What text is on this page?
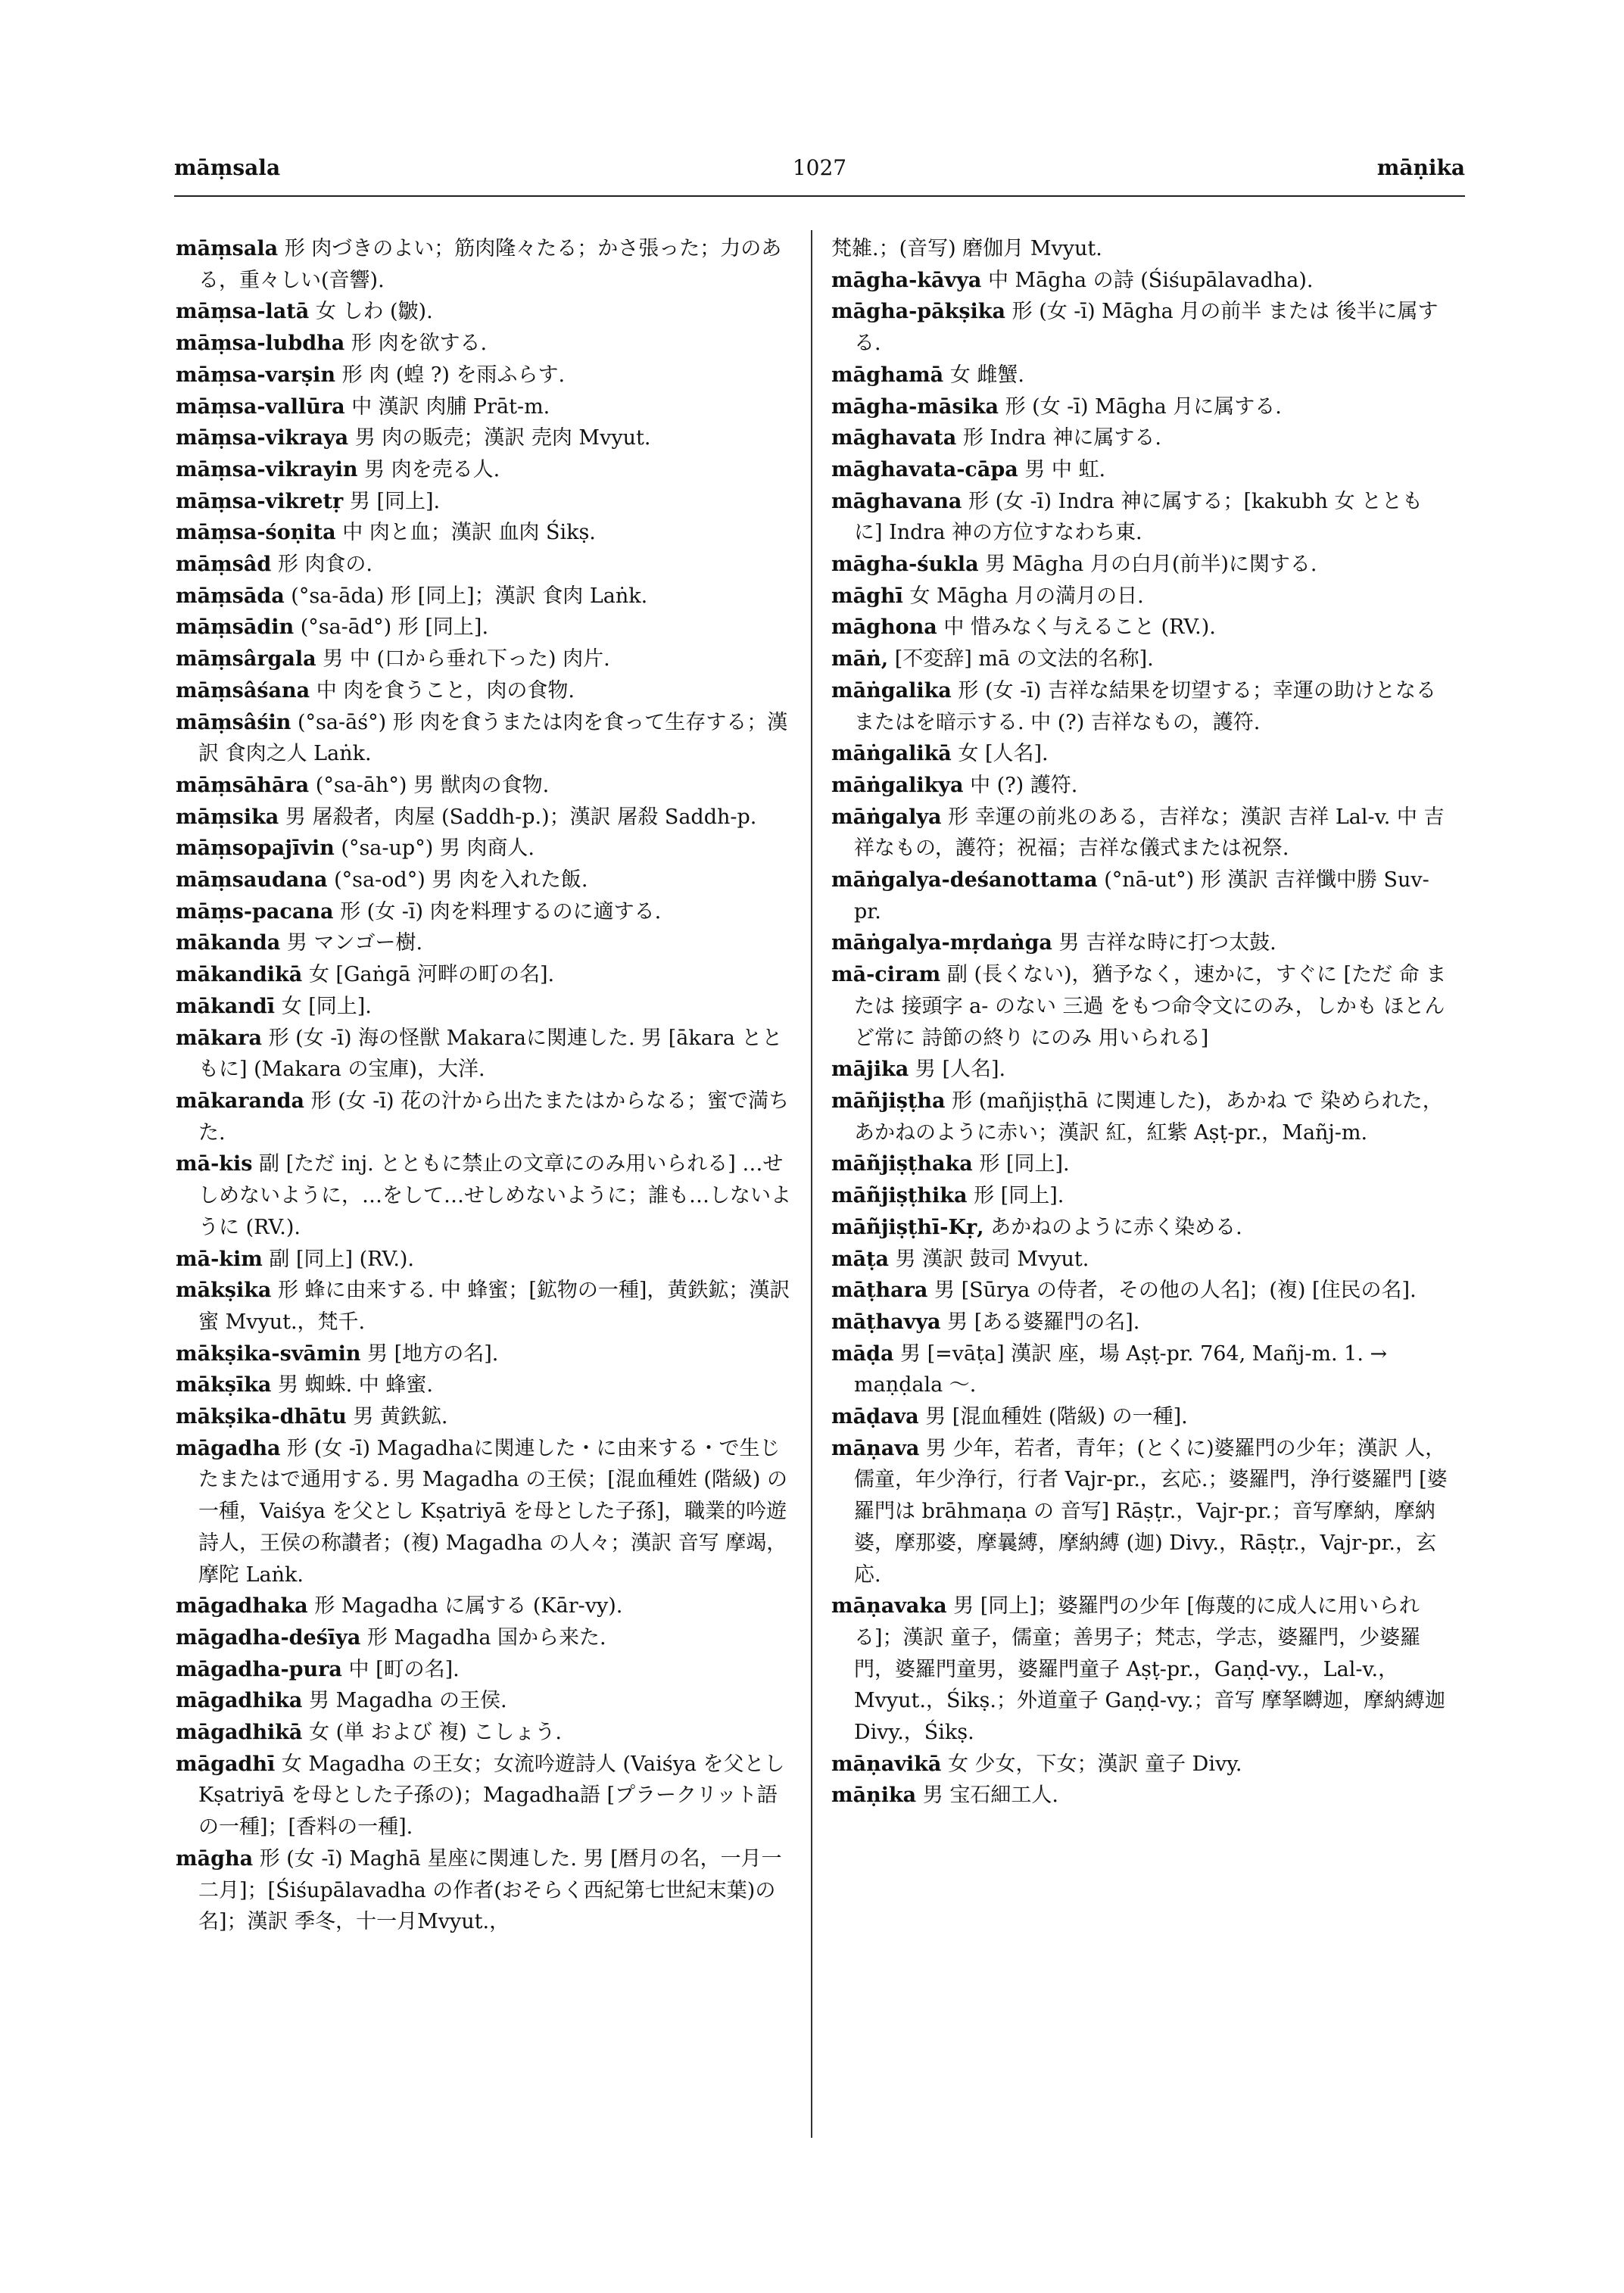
māṃsala	1027	māṇika

māṃsala 形 肉づきのよい；筋肉隆々たる；かさ張った；力のある，重々しい(音響).

māṃsa-latā 女 しわ (皺).

māṃsa-lubdha 形 肉を欲する.

māṃsa-varṣin 形 肉 (蝗 ?) を雨ふらす.

māṃsa-vallūra 中 漢訳 肉脯 Prāt-m.

māṃsa-vikraya 男 肉の販売；漢訳 売肉 Mvyut.

māṃsa-vikrayin 男 肉を売る人.

māṃsa-vikretṛ 男 [同上].

māṃsa-śoṇita 中 肉と血；漢訳 血肉 Śikṣ.

māṃsâd 形 肉食の.

māṃsāda (°sa-āda) 形 [同上]；漢訳 食肉 Laṅk.

māṃsādin (°sa-ād°) 形 [同上].

māṃsârgala 男 中 (口から垂れ下った) 肉片.

māṃsâśana 中 肉を食うこと，肉の食物.

māṃsâśin (°sa-āś°) 形 肉を食うまたは肉を食って生存する；漢訳 食肉之人 Laṅk.

māṃsāhāra (°sa-āh°) 男 獣肉の食物.

māṃsika 男 屠殺者，肉屋 (Saddh-p.)；漢訳 屠殺 Saddh-p.

māṃsopajīvin (°sa-up°) 男 肉商人.

māṃsaudana (°sa-od°) 男 肉を入れた飯.

māṃs-pacana 形 (女 -ī) 肉を料理するのに適する.

mākanda 男 マンゴー樹.

mākandikā 女 [Gaṅgā 河畔の町の名].

mākandī 女 [同上].

mākara 形 (女 -ī) 海の怪獣 Makaraに関連した. 男 [ākara とともに] (Makara の宝庫)，大洋.

mākaranda 形 (女 -ī) 花の汁から出たまたはからなる；蜜で満ちた.

mā-kis 副 [ただ inj. とともに禁止の文章にのみ用いられる] …せしめないように，…をして…せしめないように；誰も…しないように (RV.).

mā-kim 副 [同上] (RV.).

mākṣika 形 蜂に由来する. 中 蜂蜜；[鉱物の一種]，黄鉄鉱；漢訳 蜜 Mvyut.，梵千.

mākṣika-svāmin 男 [地方の名].

mākṣīka 男 蜘蛛. 中 蜂蜜.

mākṣika-dhātu 男 黄鉄鉱.

māgadha 形 (女 -ī) Magadhaに関連した・に由来する・で生じたまたはで通用する. 男 Magadha の王侯；[混血種姓 (階級) の一種，Vaiśya を父とし Kṣatriyā を母とした子孫]，職業的吟遊詩人，王侯の称讃者；(複) Magadha の人々；漢訳 音写 摩竭，摩陀 Laṅk.

māgadhaka 形 Magadha に属する (Kār-vy).

māgadha-deśīya 形 Magadha 国から来た.

māgadha-pura 中 [町の名].

māgadhika 男 Magadha の王侯.

māgadhikā 女 (単 および 複) こしょう.

māgadhī 女 Magadha の王女；女流吟遊詩人 (Vaiśya を父とし Kṣatriyā を母とした子孫の)；Magadha語 [プラークリット語の一種]；[香料の一種].

māgha 形 (女 -ī) Maghā 星座に関連した. 男 [暦月の名，一月一二月]；[Śiśupālavadha の作者(おそらく西紀第七世紀末葉)の名]；漢訳 季冬，十一月Mvyut.，

梵雑.；(音写) 磨伽月 Mvyut.

māgha-kāvya 中 Māgha の詩 (Śiśupālavadha).

māgha-pākṣika 形 (女 -ī) Māgha 月の前半 または 後半に属する.

māghamā 女 雌蟹.

māgha-māsika 形 (女 -ī) Māgha 月に属する.

māghavata 形 Indra 神に属する.

māghavata-cāpa 男 中 虹.

māghavana 形 (女 -ī) Indra 神に属する；[kakubh 女 とともに] Indra 神の方位すなわち東.

māgha-śukla 男 Māgha 月の白月(前半)に関する.

māghī 女 Māgha 月の満月の日.

māghona 中 惜みなく与えること (RV.).

māṅ, [不変辞] mā の文法的名称].

māṅgalika 形 (女 -ī) 吉祥な結果を切望する；幸運の助けとなるまたはを暗示する. 中 (?) 吉祥なもの，護符.

māṅgalikā 女 [人名].

māṅgalikya 中 (?) 護符.

māṅgalya 形 幸運の前兆のある，吉祥な；漢訳 吉祥 Lal-v. 中 吉祥なもの，護符；祝福；吉祥な儀式または祝祭.

māṅgalya-deśanottama (°nā-ut°) 形 漢訳 吉祥懺中勝 Suv-pr.

māṅgalya-mṛdaṅga 男 吉祥な時に打つ太鼓.

mā-ciram 副 (長くない)，猶予なく，速かに，すぐに [ただ 命 または 接頭字 a- のない 三過 をもつ命令文にのみ，しかも ほとんど常に 詩節の終り にのみ 用いられる]

mājika 男 [人名].

māñjiṣṭha 形 (mañjiṣṭhā に関連した)，あかね で 染められた，あかねのように赤い；漢訳 紅，紅紫 Aṣṭ-pr.，Mañj-m.

māñjiṣṭhaka 形 [同上].

māñjiṣṭhika 形 [同上].

māñjiṣṭhī-Kṛ, あかねのように赤く染める.

māṭa 男 漢訳 鼓司 Mvyut.

māṭhara 男 [Sūrya の侍者，その他の人名]；(複) [住民の名].

māṭhavya 男 [ある婆羅門の名].

māḍa 男 [=vāṭa] 漢訳 座，場 Aṣṭ-pr. 764, Mañj-m. 1. → maṇḍala ～.

māḍava 男 [混血種姓 (階級) の一種].

māṇava 男 少年，若者，青年；(とくに)婆羅門の少年；漢訳 人，儒童，年少浄行，行者 Vajr-pr.，玄応.；婆羅門，浄行婆羅門 [婆羅門は brāhmaṇa の 音写] Rāṣṭr.，Vajr-pr.；音写摩納，摩納婆，摩那婆，摩曩縛，摩納縛 (迦) Divy.，Rāṣṭr.，Vajr-pr.，玄応.

māṇavaka 男 [同上]；婆羅門の少年 [侮蔑的に成人に用いられる]；漢訳 童子，儒童；善男子；梵志，学志，婆羅門，少婆羅門，婆羅門童男，婆羅門童子 Aṣṭ-pr.，Gaṇḍ-vy.，Lal-v.，Mvyut.，Śikṣ.；外道童子 Gaṇḍ-vy.；音写 摩拏嚩迦，摩納縛迦 Divy.，Śikṣ.

māṇavikā 女 少女，下女；漢訳 童子 Divy.

māṇika 男 宝石細工人.
